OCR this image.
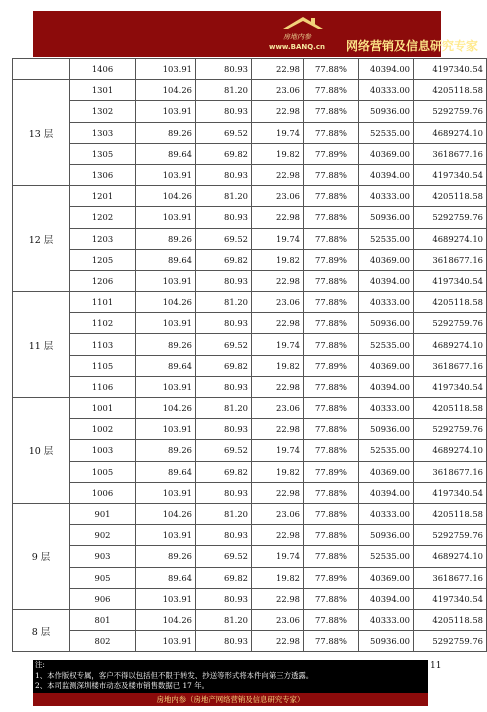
房地内参
www.BANQ.cn 网络营销及信息研究专家
	1406	103.91	80.93	22.98	77.88%	40394.00	4197340.54
13 层	1301	104.26	81.20	23.06	77.88%	40333.00	4205118.58
	1302	103.91	80.93	22.98	77.88%	50936.00	5292759.76
	1303	89.26	69.52	19.74	77.88%	52535.00	4689274.10
	1305	89.64	69.82	19.82	77.89%	40369.00	3618677.16
	1306	103.91	80.93	22.98	77.88%	40394.00	4197340.54
12 层	1201	104.26	81.20	23.06	77.88%	40333.00	4205118.58
	1202	103.91	80.93	22.98	77.88%	50936.00	5292759.76
	1203	89.26	69.52	19.74	77.88%	52535.00	4689274.10
	1205	89.64	69.82	19.82	77.89%	40369.00	3618677.16
	1206	103.91	80.93	22.98	77.88%	40394.00	4197340.54
11 层	1101	104.26	81.20	23.06	77.88%	40333.00	4205118.58
	1102	103.91	80.93	22.98	77.88%	50936.00	5292759.76
	1103	89.26	69.52	19.74	77.88%	52535.00	4689274.10
	1105	89.64	69.82	19.82	77.89%	40369.00	3618677.16
	1106	103.91	80.93	22.98	77.88%	40394.00	4197340.54
10 层	1001	104.26	81.20	23.06	77.88%	40333.00	4205118.58
	1002	103.91	80.93	22.98	77.88%	50936.00	5292759.76
	1003	89.26	69.52	19.74	77.88%	52535.00	4689274.10
	1005	89.64	69.82	19.82	77.89%	40369.00	3618677.16
	1006	103.91	80.93	22.98	77.88%	40394.00	4197340.54
9 层	901	104.26	81.20	23.06	77.88%	40333.00	4205118.58
	902	103.91	80.93	22.98	77.88%	50936.00	5292759.76
	903	89.26	69.52	19.74	77.88%	52535.00	4689274.10
	905	89.64	69.82	19.82	77.89%	40369.00	3618677.16
	906	103.91	80.93	22.98	77.88%	40394.00	4197340.54
8 层	801	104.26	81.20	23.06	77.88%	40333.00	4205118.58
	802	103.91	80.93	22.98	77.88%	50936.00	5292759.76
注:
1、本作版权专属，客户不得以包括但不限于转发、抄送等形式将本件向第三方透露。
2、本司监测深圳楼市动态及楼市销售数据已 17 年。
11
房地内参（房地产网络营销及信息研究专家）
